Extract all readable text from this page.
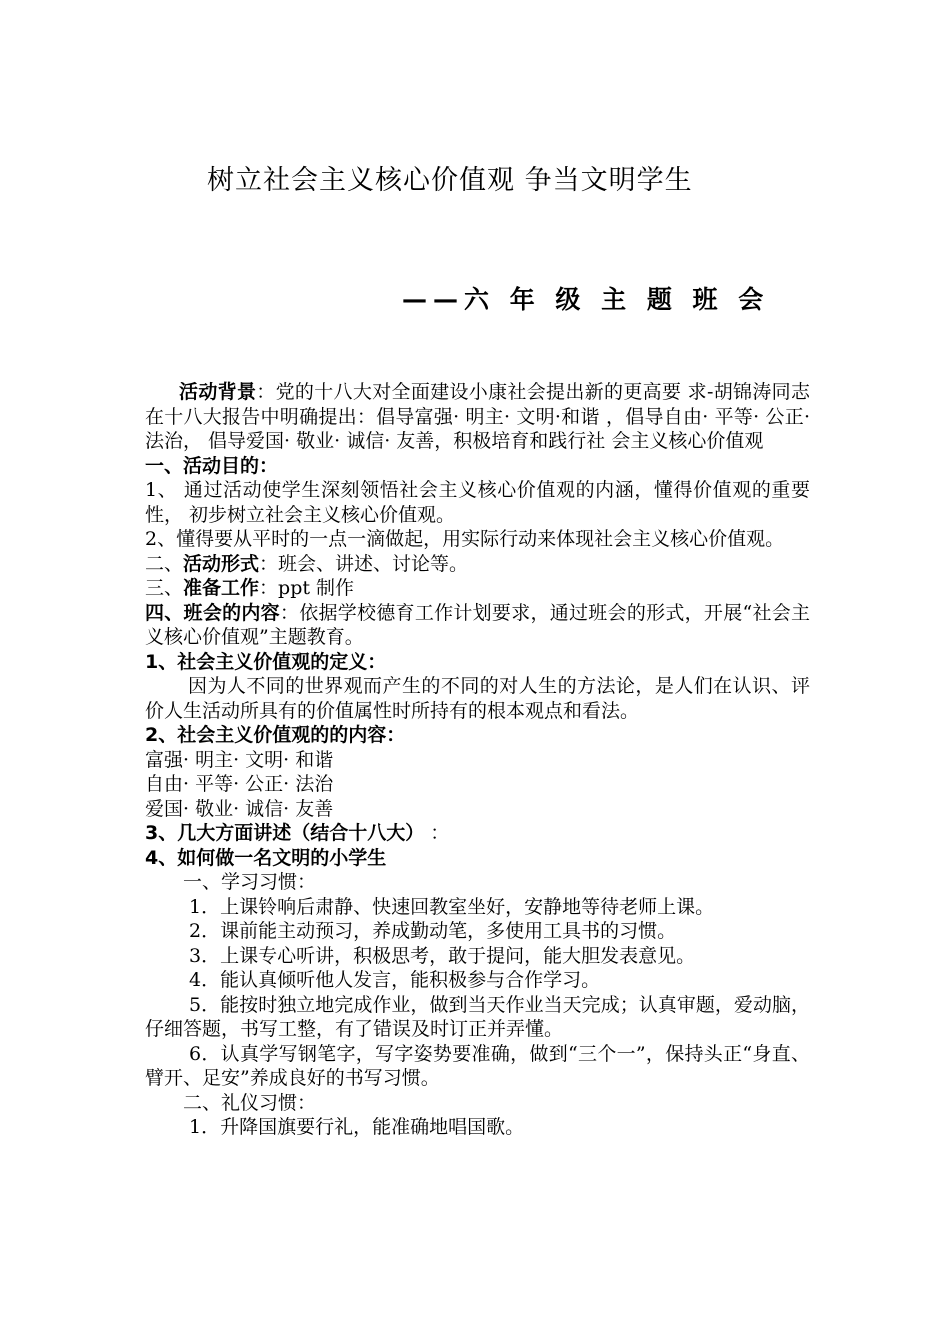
树立社会主义核心价值观 争当文明学生
——六 年 级 主 题 班 会

活动背景：党的十八大对全面建设小康社会提出新的更高要 求-胡锦涛同志在十八大报告中明确提出：倡导富强· 明主· 文明·和谐 ，倡导自由· 平等· 公正· 法治， 倡导爱国· 敬业· 诚信· 友善，积极培育和践行社 会主义核心价值观

一、活动目的：

1、 通过活动使学生深刻领悟社会主义核心价值观的内涵，懂得价值观的重要性， 初步树立社会主义核心价值观。

2、懂得要从平时的一点一滴做起，用实际行动来体现社会主义核心价值观。

二、活动形式：班会、讲述、讨论等。

三、准备工作：ppt 制作

四、班会的内容：依据学校德育工作计划要求，通过班会的形式，开展“社会主义核心价值观”主题教育。

1、社会主义价值观的定义：

因为人不同的世界观而产生的不同的对人生的方法论，是人们在认识、评价人生活动所具有的价值属性时所持有的根本观点和看法。

2、社会主义价值观的的内容：

富强· 明主· 文明· 和谐

自由· 平等· 公正· 法治

爱国· 敬业· 诚信· 友善

3、几大方面讲述（结合十八大） ：

4、如何做一名文明的小学生

一、学习习惯：

1．上课铃响后肃静、快速回教室坐好，安静地等待老师上课。

2．课前能主动预习，养成勤动笔，多使用工具书的习惯。

3．上课专心听讲，积极思考，敢于提问，能大胆发表意见。

4．能认真倾听他人发言，能积极参与合作学习。

5．能按时独立地完成作业，做到当天作业当天完成；认真审题，爱动脑，仔细答题，书写工整，有了错误及时订正并弄懂。

6．认真学写钢笔字，写字姿势要准确，做到“三个一”，保持头正“身直、臂开、足安”养成良好的书写习惯。

二、礼仪习惯：

1．升降国旗要行礼，能准确地唱国歌。
